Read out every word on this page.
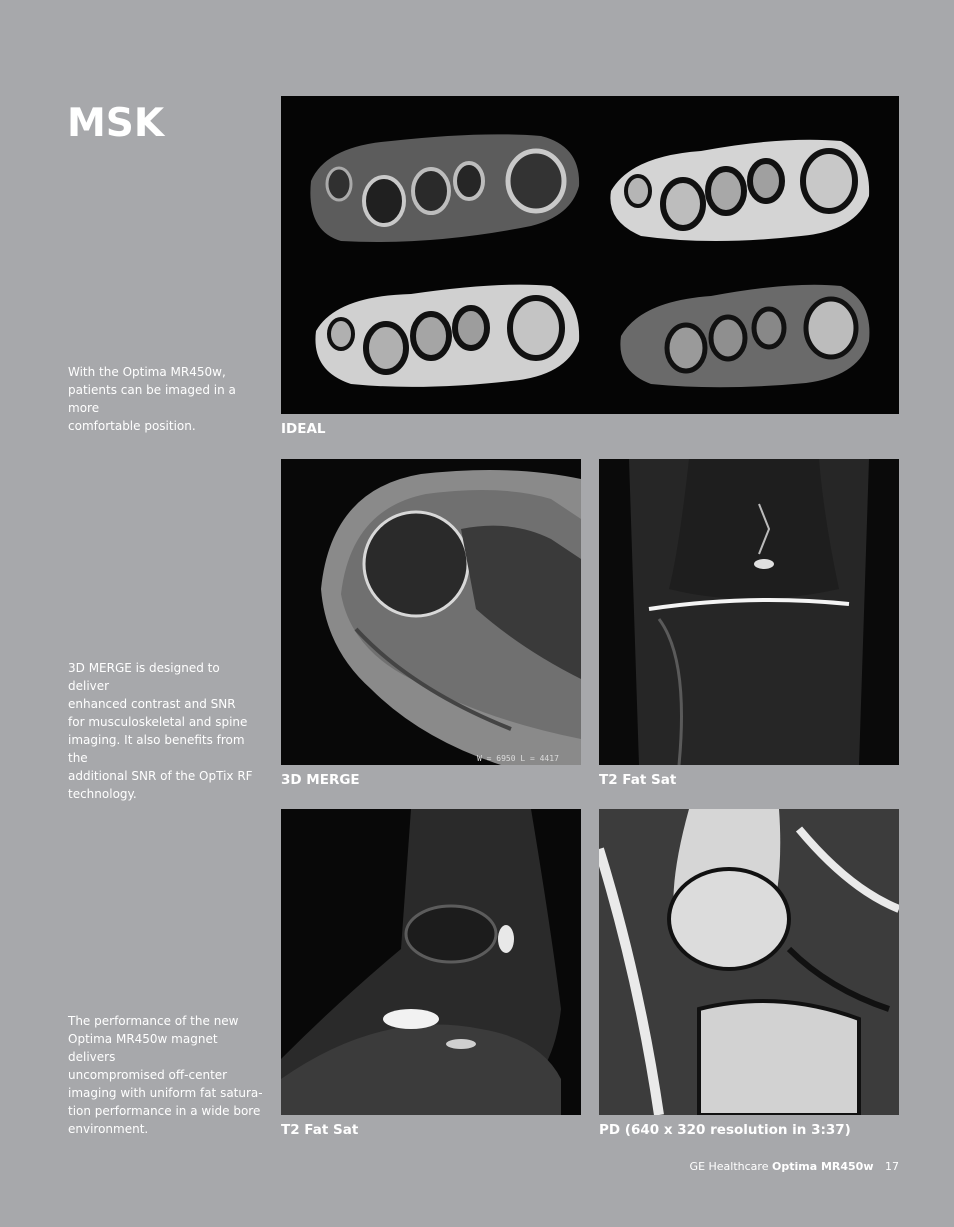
MSK
With the Optima MR450w,
patients can be imaged in a more
comfortable position.
3D MERGE is designed to deliver
enhanced contrast and SNR
for musculoskeletal and spine
imaging. It also benefits from the
additional SNR of the OpTix RF
technology.
The performance of the new
Optima MR450w magnet delivers
uncompromised off-center
imaging with uniform fat satura-
tion performance in a wide bore
environment.
IDEAL
W = 6950 L = 4417
3D MERGE	T2 Fat Sat
T2 Fat Sat	PD (640 x 320 resolution in 3:37)
GE Healthcare Optima MR450w 17
